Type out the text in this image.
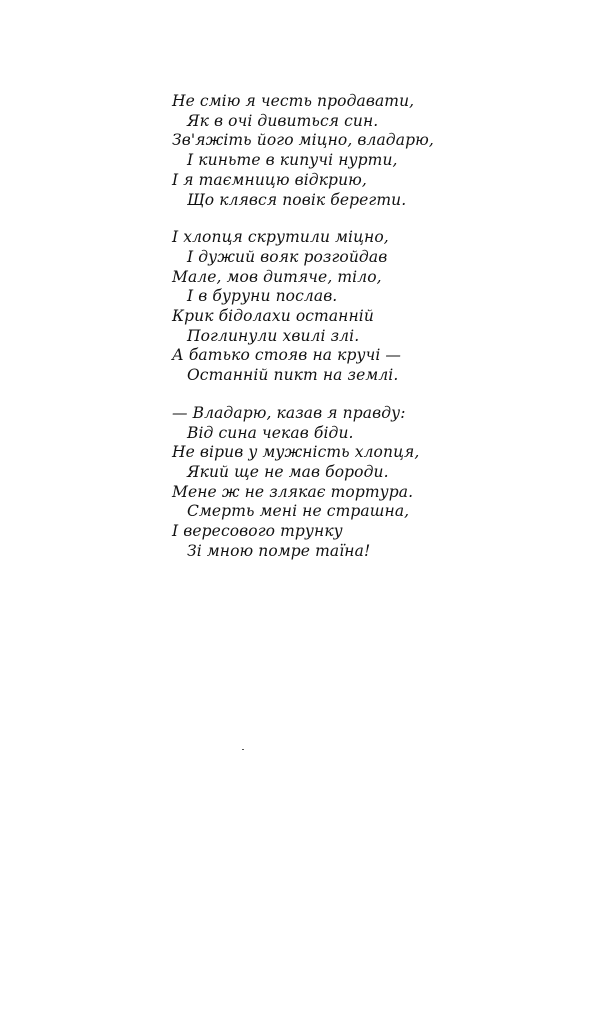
Не смію я честь продавати,
Як в очі дивиться син.
Зв'яжіть його міцно, владарю,
І киньте в кипучі нурти,
І я таємницю відкрию,
Що клявся повік берегти.
І хлопця скрутили міцно,
І дужий вояк розгойдав
Мале, мов дитяче, тіло,
І в буруни послав.
Крик бідолахи останній
Поглинули хвилі злі.
А батько стояв на кручі —
Останній пикт на землі.
— Владарю, казав я правду:
Від сина чекав біди.
Не вірив у мужність хлопця,
Який ще не мав бороди.
Мене ж не злякає тортура.
Смерть мені не страшна,
І вересового трунку
Зі мною помре таїна!
